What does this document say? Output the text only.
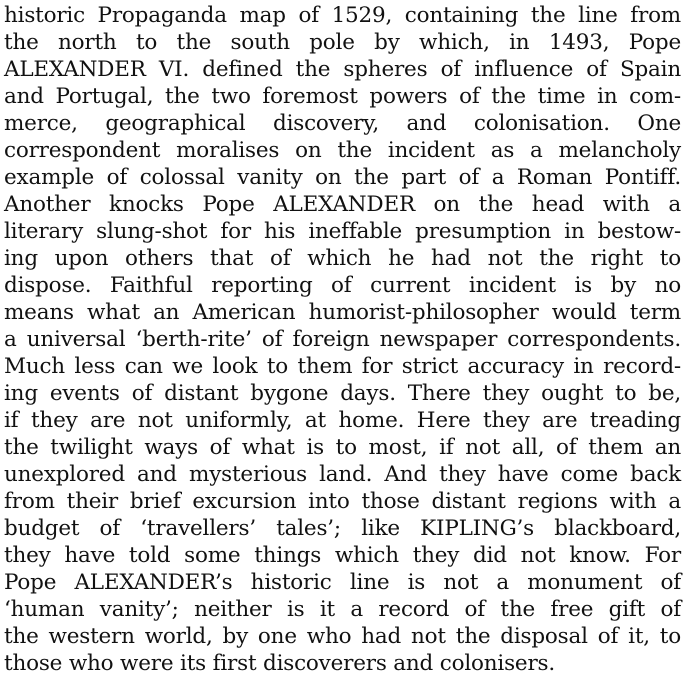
historic Propaganda map of 1529, containing the line from
the north to the south pole by which, in 1493, Pope
ALEXANDER VI. defined the spheres of influence of Spain
and Portugal, the two foremost powers of the time in com-
merce, geographical discovery, and colonisation. One
correspondent moralises on the incident as a melancholy
example of colossal vanity on the part of a Roman Pontiff.
Another knocks Pope ALEXANDER on the head with a
literary slung-shot for his ineffable presumption in bestow-
ing upon others that of which he had not the right to
dispose. Faithful reporting of current incident is by no
means what an American humorist-philosopher would term
a universal ‘berth-rite’ of foreign newspaper correspondents.
Much less can we look to them for strict accuracy in record-
ing events of distant bygone days. There they ought to be,
if they are not uniformly, at home. Here they are treading
the twilight ways of what is to most, if not all, of them an
unexplored and mysterious land. And they have come back
from their brief excursion into those distant regions with a
budget of ‘travellers’ tales’; like KIPLING’s blackboard,
they have told some things which they did not know. For
Pope ALEXANDER’s historic line is not a monument of
‘human vanity’; neither is it a record of the free gift of
the western world, by one who had not the disposal of it, to
those who were its first discoverers and colonisers.
